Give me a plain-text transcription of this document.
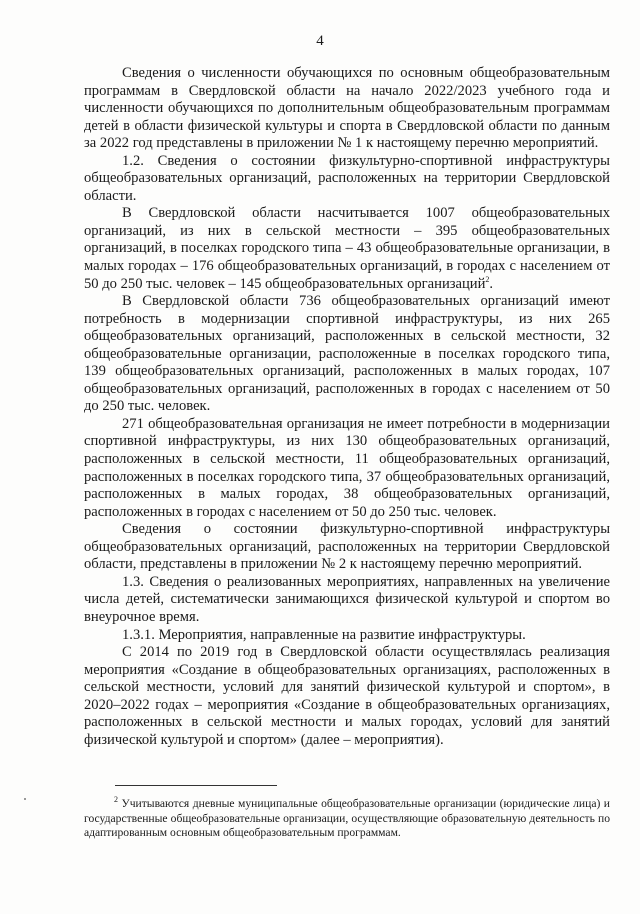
4

Сведения о численности обучающихся по основным общеобразовательным программам в Свердловской области на начало 2022/2023 учебного года и численности обучающихся по дополнительным общеобразовательным программам детей в области физической культуры и спорта в Свердловской области по данным за 2022 год представлены в приложении № 1 к настоящему перечню мероприятий.

1.2. Сведения о состоянии физкультурно-спортивной инфраструктуры общеобразовательных организаций, расположенных на территории Свердловской области.

В Свердловской области насчитывается 1007 общеобразовательных организаций, из них в сельской местности – 395 общеобразовательных организаций, в поселках городского типа – 43 общеобразовательные организации, в малых городах – 176 общеобразовательных организаций, в городах с населением от 50 до 250 тыс. человек – 145 общеобразовательных организаций$^2$.

В Свердловской области 736 общеобразовательных организаций имеют потребность в модернизации спортивной инфраструктуры, из них 265 общеобразовательных организаций, расположенных в сельской местности, 32 общеобразовательные организации, расположенные в поселках городского типа, 139 общеобразовательных организаций, расположенных в малых городах, 107 общеобразовательных организаций, расположенных в городах с населением от 50 до 250 тыс. человек.

271 общеобразовательная организация не имеет потребности в модернизации спортивной инфраструктуры, из них 130 общеобразовательных организаций, расположенных в сельской местности, 11 общеобразовательных организаций, расположенных в поселках городского типа, 37 общеобразовательных организаций, расположенных в малых городах, 38 общеобразовательных организаций, расположенных в городах с населением от 50 до 250 тыс. человек.

Сведения о состоянии физкультурно-спортивной инфраструктуры общеобразовательных организаций, расположенных на территории Свердловской области, представлены в приложении № 2 к настоящему перечню мероприятий.

1.3. Сведения о реализованных мероприятиях, направленных на увеличение числа детей, систематически занимающихся физической культурой и спортом во внеурочное время.

1.3.1. Мероприятия, направленные на развитие инфраструктуры.

С 2014 по 2019 год в Свердловской области осуществлялась реализация мероприятия «Создание в общеобразовательных организациях, расположенных в сельской местности, условий для занятий физической культурой и спортом», в 2020–2022 годах – мероприятия «Создание в общеобразовательных организациях, расположенных в сельской местности и малых городах, условий для занятий физической культурой и спортом» (далее – мероприятия).

$^2$ Учитываются дневные муниципальные общеобразовательные организации (юридические лица) и государственные общеобразовательные организации, осуществляющие образовательную деятельность по адаптированным основным общеобразовательным программам.
